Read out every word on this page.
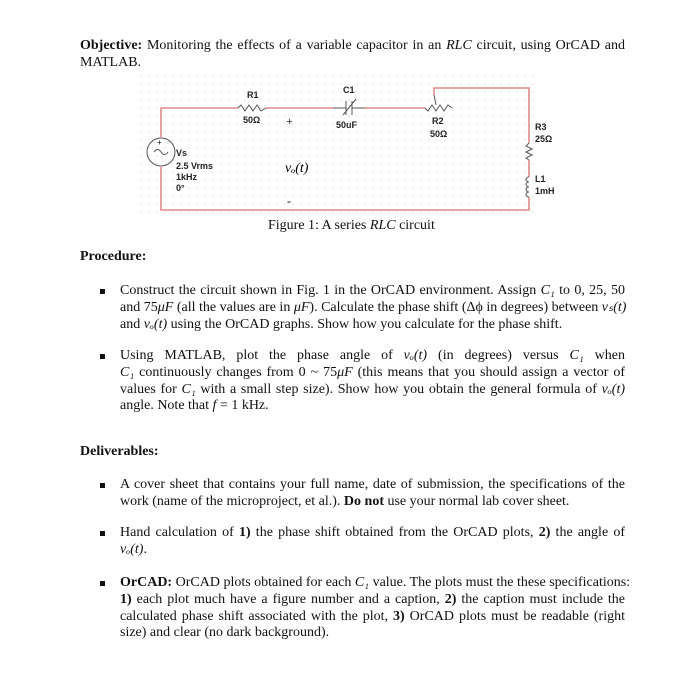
Objective: Monitoring the effects of a variable capacitor in an RLC circuit, using OrCAD and
MATLAB.
+
R1
50Ω
C1
50uF	R2
50Ω
R3
25Ω
L1
1mH
Vs
2.5 Vrms
1kHz
0°
+
-
vₒ(t)
Figure 1: A series RLC circuit
Procedure:
Construct the circuit shown in Fig. 1 in the OrCAD environment. Assign C₁ to 0, 25, 50
and 75μF (all the values are in μF). Calculate the phase shift (Δϕ in degrees) between vₛ(t)
and vₒ(t) using the OrCAD graphs. Show how you calculate for the phase shift.
Using MATLAB, plot the phase angle of vₒ(t) (in degrees) versus C₁ when
C₁ continuously changes from 0 ~ 75μF (this means that you should assign a vector of
values for C₁ with a small step size). Show how you obtain the general formula of vₒ(t)
angle. Note that f = 1 kHz.
Deliverables:
A cover sheet that contains your full name, date of submission, the specifications of the
work (name of the microproject, et al.). Do not use your normal lab cover sheet.
Hand calculation of 1) the phase shift obtained from the OrCAD plots, 2) the angle of
vₒ(t).
OrCAD: OrCAD plots obtained for each C₁ value. The plots must the these specifications:
1) each plot much have a figure number and a caption, 2) the caption must include the
calculated phase shift associated with the plot, 3) OrCAD plots must be readable (right
size) and clear (no dark background).
